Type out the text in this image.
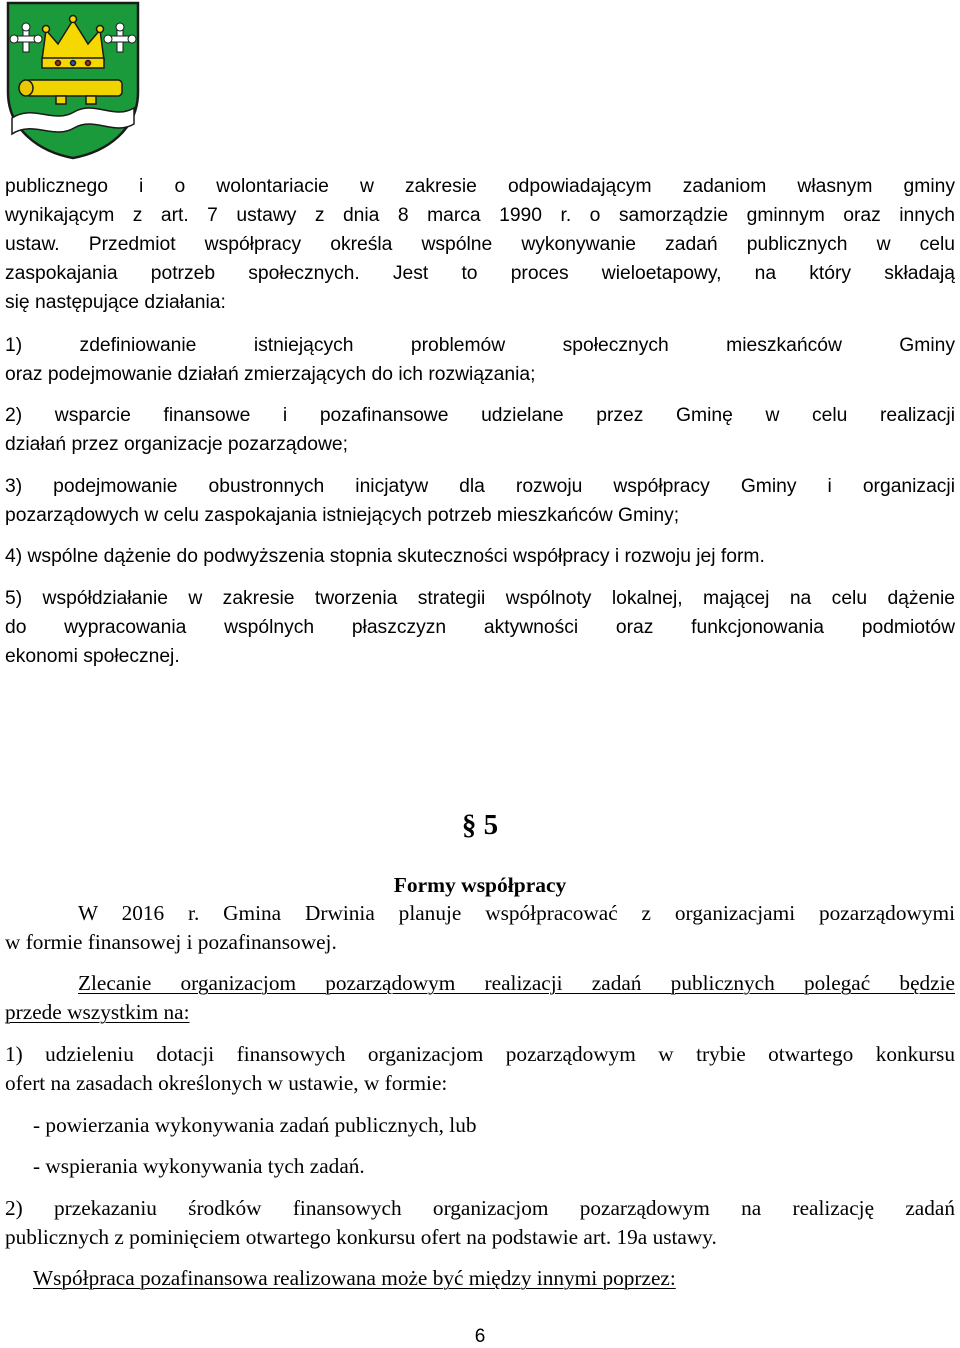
publicznego i o wolontariacie w zakresie odpowiadającym zadaniom własnym gminy
wynikającym z art. 7 ustawy z dnia 8 marca 1990 r. o samorządzie gminnym oraz innych
ustaw. Przedmiot współpracy określa wspólne wykonywanie zadań publicznych w celu
zaspokajania potrzeb społecznych. Jest to proces wieloetapowy, na który składają
się następujące działania:
1) zdefiniowanie istniejących problemów społecznych mieszkańców Gminy
oraz podejmowanie działań zmierzających do ich rozwiązania;
2) wsparcie finansowe i pozafinansowe udzielane przez Gminę w celu realizacji
działań przez organizacje pozarządowe;
3) podejmowanie obustronnych inicjatyw dla rozwoju współpracy Gminy i organizacji
pozarządowych w celu zaspokajania istniejących potrzeb mieszkańców Gminy;
4) wspólne dążenie do podwyższenia stopnia skuteczności współpracy i rozwoju jej form.
5) współdziałanie w zakresie tworzenia strategii wspólnoty lokalnej, mającej na celu dążenie
do wypracowania wspólnych płaszczyzn aktywności oraz funkcjonowania podmiotów
ekonomi społecznej.
§ 5
Formy współpracy
W 2016 r. Gmina Drwinia planuje współpracować z organizacjami pozarządowymi
w formie finansowej i pozafinansowej.
Zlecanie organizacjom pozarządowym realizacji zadań publicznych polegać będzie
przede wszystkim na:
1) udzieleniu dotacji finansowych organizacjom pozarządowym w trybie otwartego konkursu
ofert na zasadach określonych w ustawie, w formie:
- powierzania wykonywania zadań publicznych, lub
- wspierania wykonywania tych zadań.
2) przekazaniu środków finansowych organizacjom pozarządowym na realizację zadań
publicznych z pominięciem otwartego konkursu ofert na podstawie art. 19a ustawy.
Współpraca pozafinansowa realizowana może być między innymi poprzez:
6
